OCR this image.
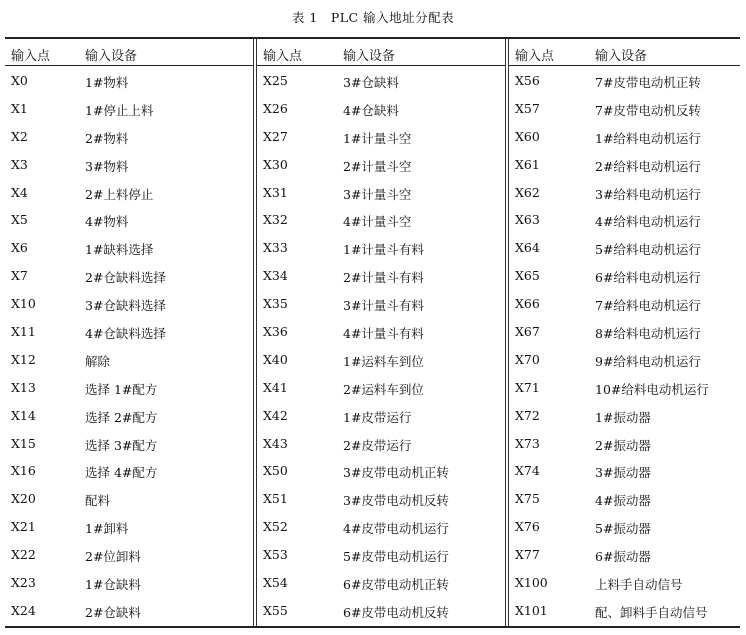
表 1　PLC 输入地址分配表
输入点	输入设备
X0	1#物料
X1	1#停止上料
X2	2#物料
X3	3#物料
X4	2#上料停止
X5	4#物料
X6	1#缺料选择
X7	2#仓缺料选择
X10	3#仓缺料选择
X11	4#仓缺料选择
X12	解除
X13	选择 1#配方
X14	选择 2#配方
X15	选择 3#配方
X16	选择 4#配方
X20	配料
X21	1#卸料
X22	2#位卸料
X23	1#仓缺料
X24	2#仓缺料
输入点	输入设备
X25	3#仓缺料
X26	4#仓缺料
X27	1#计量斗空
X30	2#计量斗空
X31	3#计量斗空
X32	4#计量斗空
X33	1#计量斗有料
X34	2#计量斗有料
X35	3#计量斗有料
X36	4#计量斗有料
X40	1#运料车到位
X41	2#运料车到位
X42	1#皮带运行
X43	2#皮带运行
X50	3#皮带电动机正转
X51	3#皮带电动机反转
X52	4#皮带电动机运行
X53	5#皮带电动机运行
X54	6#皮带电动机正转
X55	6#皮带电动机反转
输入点	输入设备
X56	7#皮带电动机正转
X57	7#皮带电动机反转
X60	1#给料电动机运行
X61	2#给料电动机运行
X62	3#给料电动机运行
X63	4#给料电动机运行
X64	5#给料电动机运行
X65	6#给料电动机运行
X66	7#给料电动机运行
X67	8#给料电动机运行
X70	9#给料电动机运行
X71	10#给料电动机运行
X72	1#振动器
X73	2#振动器
X74	3#振动器
X75	4#振动器
X76	5#振动器
X77	6#振动器
X100	上料手自动信号
X101	配、卸料手自动信号
